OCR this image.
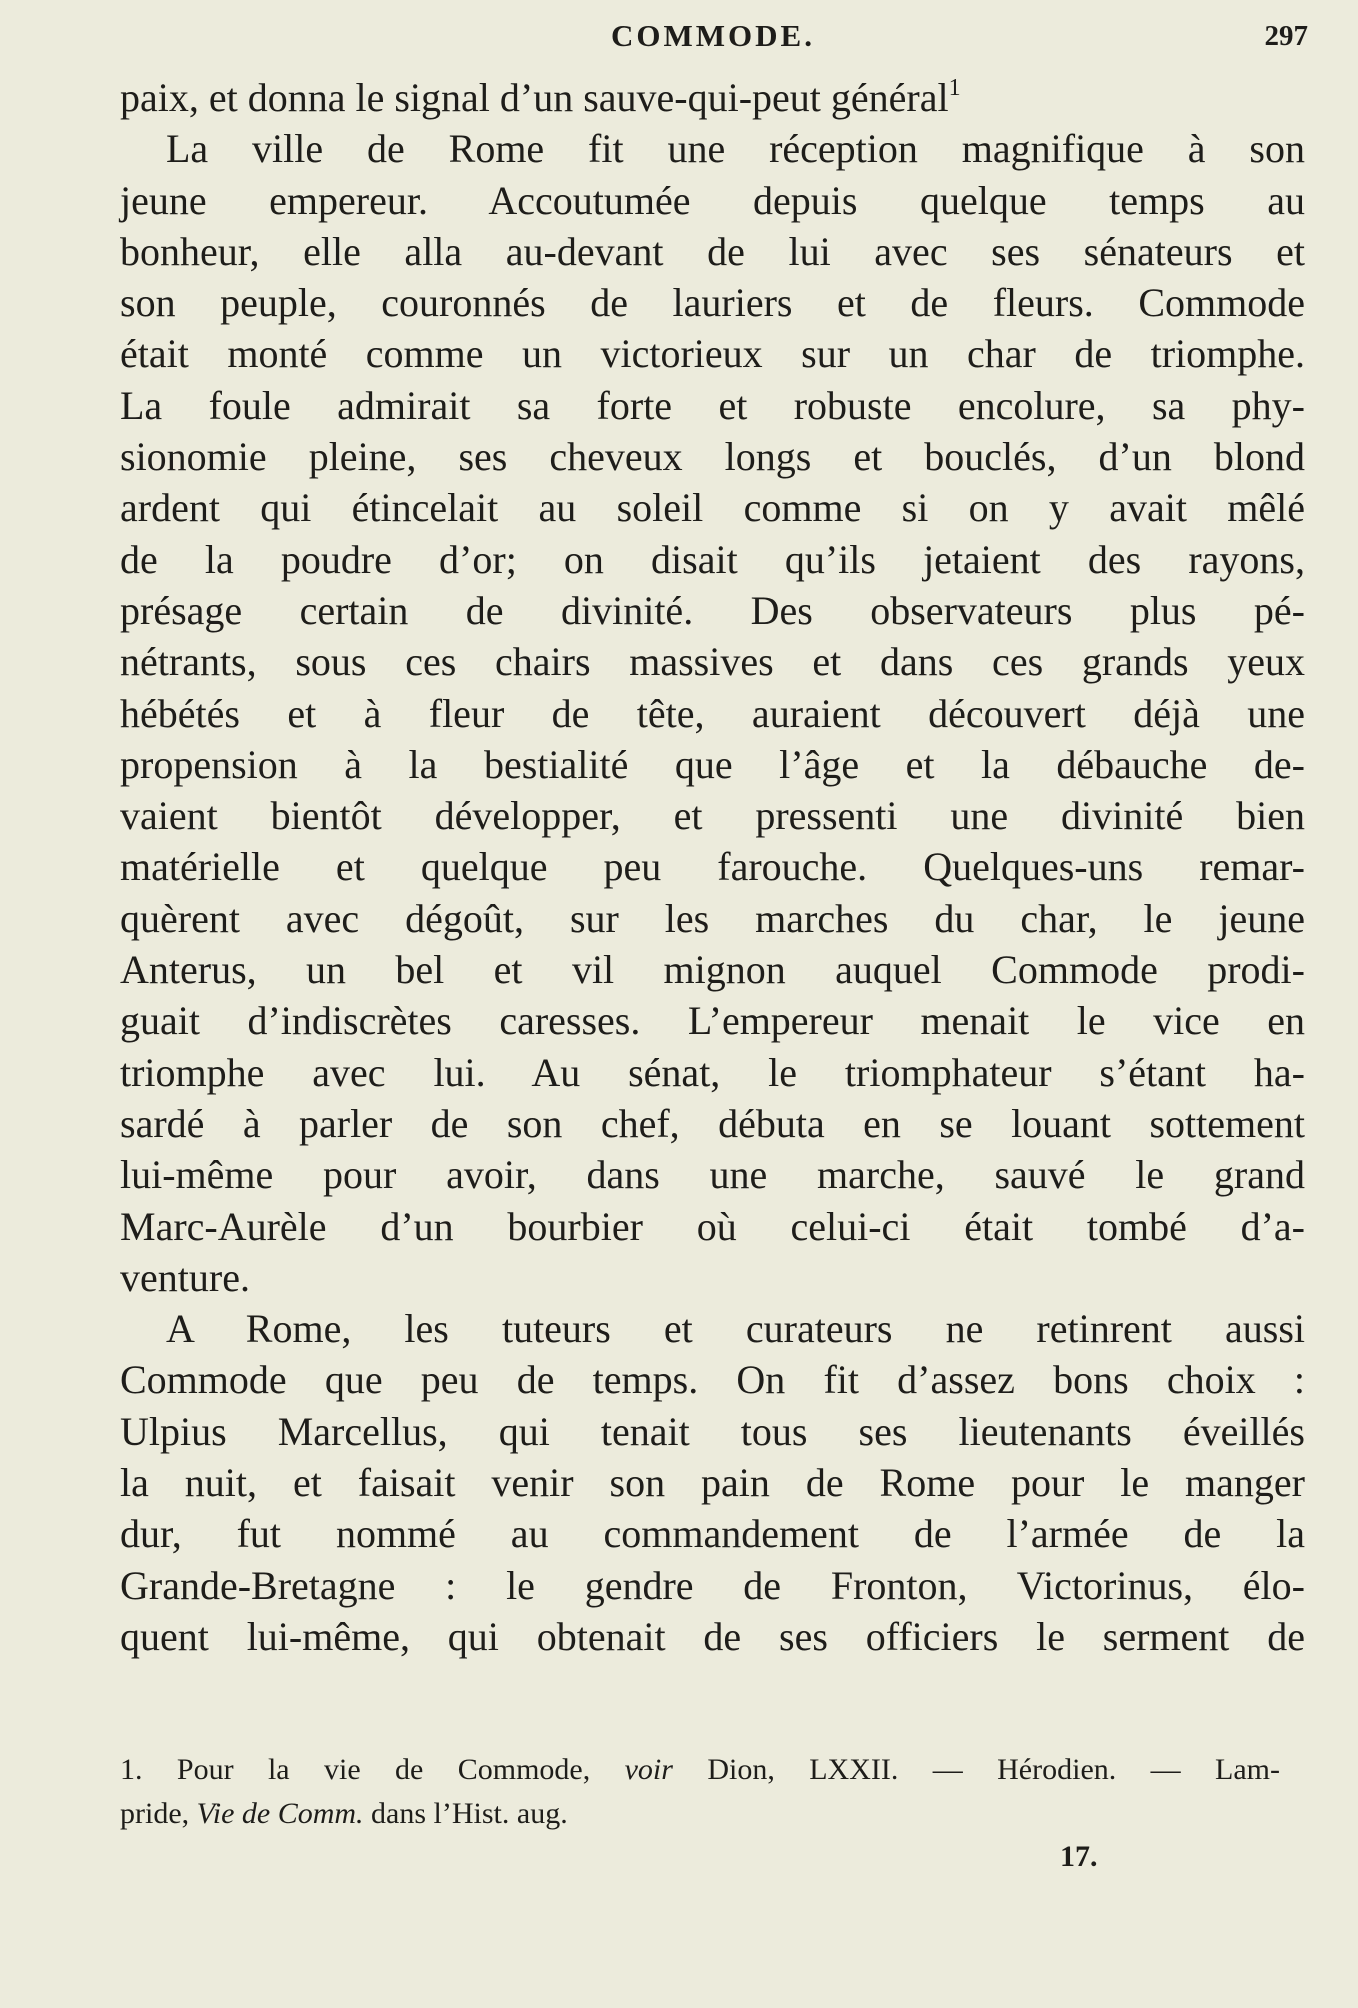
COMMODE.	297
paix, et donna le signal d’un sauve-qui-peut général$^1$
La ville de Rome fit une réception magnifique à son
jeune empereur. Accoutumée depuis quelque temps au
bonheur, elle alla au-devant de lui avec ses sénateurs et
son peuple, couronnés de lauriers et de fleurs. Commode
était monté comme un victorieux sur un char de triomphe.
La foule admirait sa forte et robuste encolure, sa phy-
sionomie pleine, ses cheveux longs et bouclés, d’un blond
ardent qui étincelait au soleil comme si on y avait mêlé
de la poudre d’or; on disait qu’ils jetaient des rayons,
présage certain de divinité. Des observateurs plus pé-
nétrants, sous ces chairs massives et dans ces grands yeux
hébétés et à fleur de tête, auraient découvert déjà une
propension à la bestialité que l’âge et la débauche de-
vaient bientôt développer, et pressenti une divinité bien
matérielle et quelque peu farouche. Quelques-uns remar-
quèrent avec dégoût, sur les marches du char, le jeune
Anterus, un bel et vil mignon auquel Commode prodi-
guait d’indiscrètes caresses. L’empereur menait le vice en
triomphe avec lui. Au sénat, le triomphateur s’étant ha-
sardé à parler de son chef, débuta en se louant sottement
lui-même pour avoir, dans une marche, sauvé le grand
Marc-Aurèle d’un bourbier où celui-ci était tombé d’a-
venture.
A Rome, les tuteurs et curateurs ne retinrent aussi
Commode que peu de temps. On fit d’assez bons choix :
Ulpius Marcellus, qui tenait tous ses lieutenants éveillés
la nuit, et faisait venir son pain de Rome pour le manger
dur, fut nommé au commandement de l’armée de la
Grande-Bretagne : le gendre de Fronton, Victorinus, élo-
quent lui-même, qui obtenait de ses officiers le serment de
1. Pour la vie de Commode, voir Dion, LXXII. — Hérodien. — Lam-
pride, Vie de Comm. dans l’Hist. aug.
17.
